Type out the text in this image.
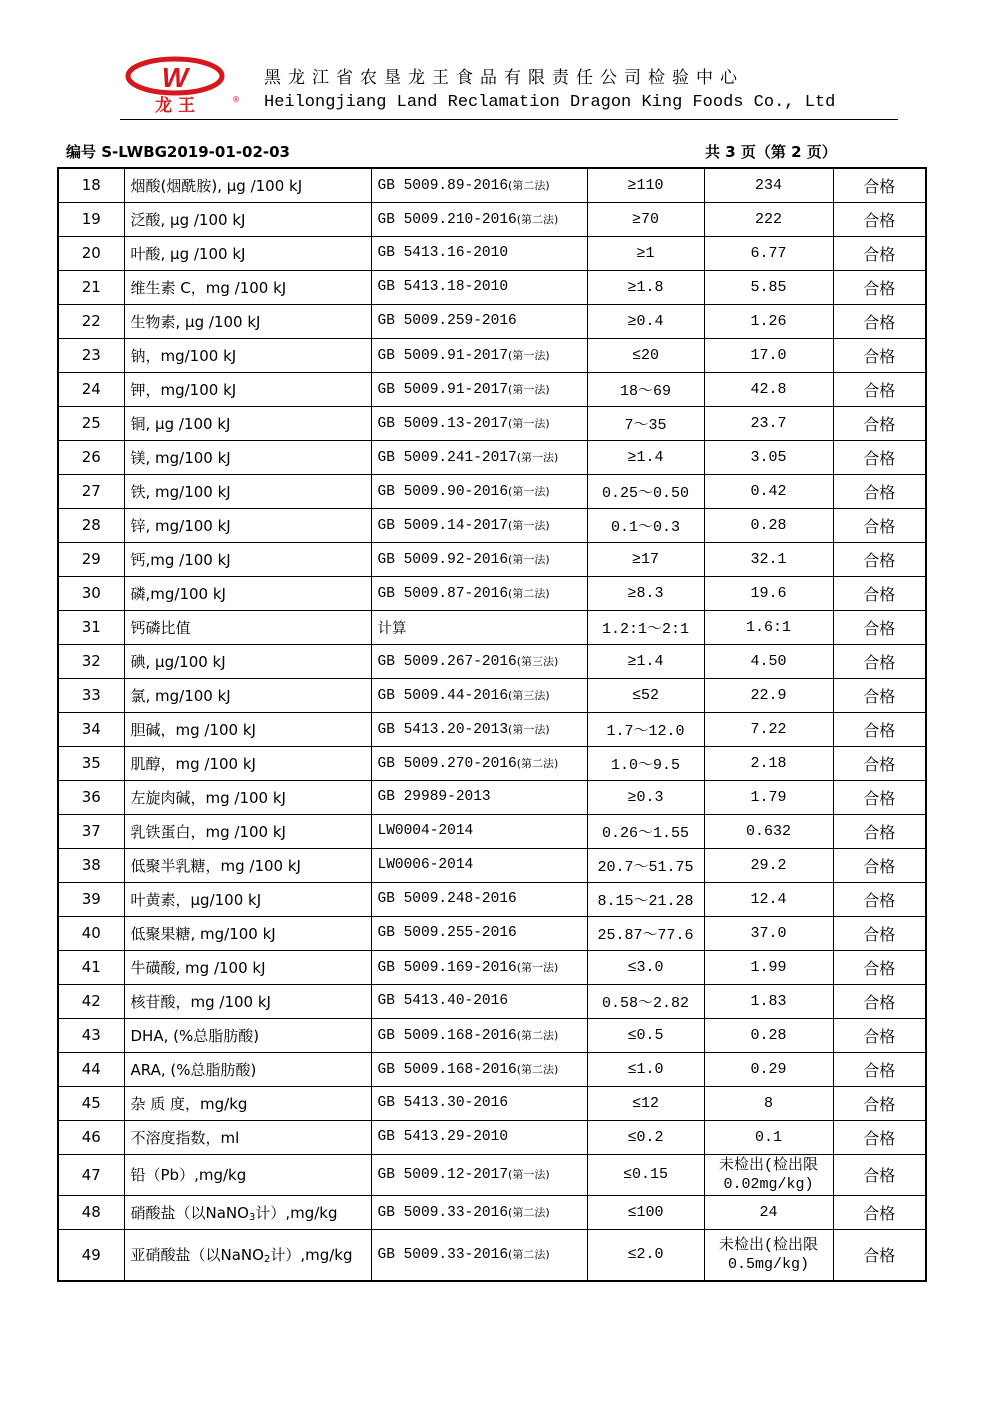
W
龙 王	®
黑龙江省农垦龙王食品有限责任公司检验中心
Heilongjiang Land Reclamation Dragon King Foods Co., Ltd
编号 S-LWBG2019-01-02-03	共 3 页（第 2 页）
18	烟酸(烟酰胺), μg /100 kJ	GB 5009.89-2016(第二法)	≥110	234	合格
19	泛酸, μg /100 kJ	GB 5009.210-2016(第二法)	≥70	222	合格
20	叶酸, μg /100 kJ	GB 5413.16-2010	≥1	6.77	合格
21	维生素 C，mg /100 kJ	GB 5413.18-2010	≥1.8	5.85	合格
22	生物素, μg /100 kJ	GB 5009.259-2016	≥0.4	1.26	合格
23	钠，mg/100 kJ	GB 5009.91-2017(第一法)	≤20	17.0	合格
24	钾，mg/100 kJ	GB 5009.91-2017(第一法)	18～69	42.8	合格
25	铜, μg /100 kJ	GB 5009.13-2017(第一法)	7～35	23.7	合格
26	镁, mg/100 kJ	GB 5009.241-2017(第一法)	≥1.4	3.05	合格
27	铁, mg/100 kJ	GB 5009.90-2016(第一法)	0.25～0.50	0.42	合格
28	锌, mg/100 kJ	GB 5009.14-2017(第一法)	0.1～0.3	0.28	合格
29	钙,mg /100 kJ	GB 5009.92-2016(第一法)	≥17	32.1	合格
30	磷,mg/100 kJ	GB 5009.87-2016(第二法)	≥8.3	19.6	合格
31	钙磷比值	计算	1.2:1～2:1	1.6:1	合格
32	碘, μg/100 kJ	GB 5009.267-2016(第三法)	≥1.4	4.50	合格
33	氯, mg/100 kJ	GB 5009.44-2016(第三法)	≤52	22.9	合格
34	胆碱，mg /100 kJ	GB 5413.20-2013(第一法)	1.7～12.0	7.22	合格
35	肌醇，mg /100 kJ	GB 5009.270-2016(第二法)	1.0～9.5	2.18	合格
36	左旋肉碱，mg /100 kJ	GB 29989-2013	≥0.3	1.79	合格
37	乳铁蛋白，mg /100 kJ	LW0004-2014	0.26～1.55	0.632	合格
38	低聚半乳糖，mg /100 kJ	LW0006-2014	20.7～51.75	29.2	合格
39	叶黄素，μg/100 kJ	GB 5009.248-2016	8.15～21.28	12.4	合格
40	低聚果糖, mg/100 kJ	GB 5009.255-2016	25.87～77.6	37.0	合格
41	牛磺酸, mg /100 kJ	GB 5009.169-2016(第一法)	≤3.0	1.99	合格
42	核苷酸，mg /100 kJ	GB 5413.40-2016	0.58～2.82	1.83	合格
43	DHA, (%总脂肪酸)	GB 5009.168-2016(第二法)	≤0.5	0.28	合格
44	ARA, (%总脂肪酸)	GB 5009.168-2016(第二法)	≤1.0	0.29	合格
45	杂 质 度，mg/kg	GB 5413.30-2016	≤12	8	合格
46	不溶度指数，ml	GB 5413.29-2010	≤0.2	0.1	合格
47	铅（Pb）,mg/kg	GB 5009.12-2017(第一法)	≤0.15	未检出(检出限 0.02mg/kg)	合格
48	硝酸盐（以NaNO$_3$计）,mg/kg	GB 5009.33-2016(第二法)	≤100	24	合格
49	亚硝酸盐（以NaNO$_2$计）,mg/kg	GB 5009.33-2016(第二法)	≤2.0	未检出(检出限 0.5mg/kg)	合格
